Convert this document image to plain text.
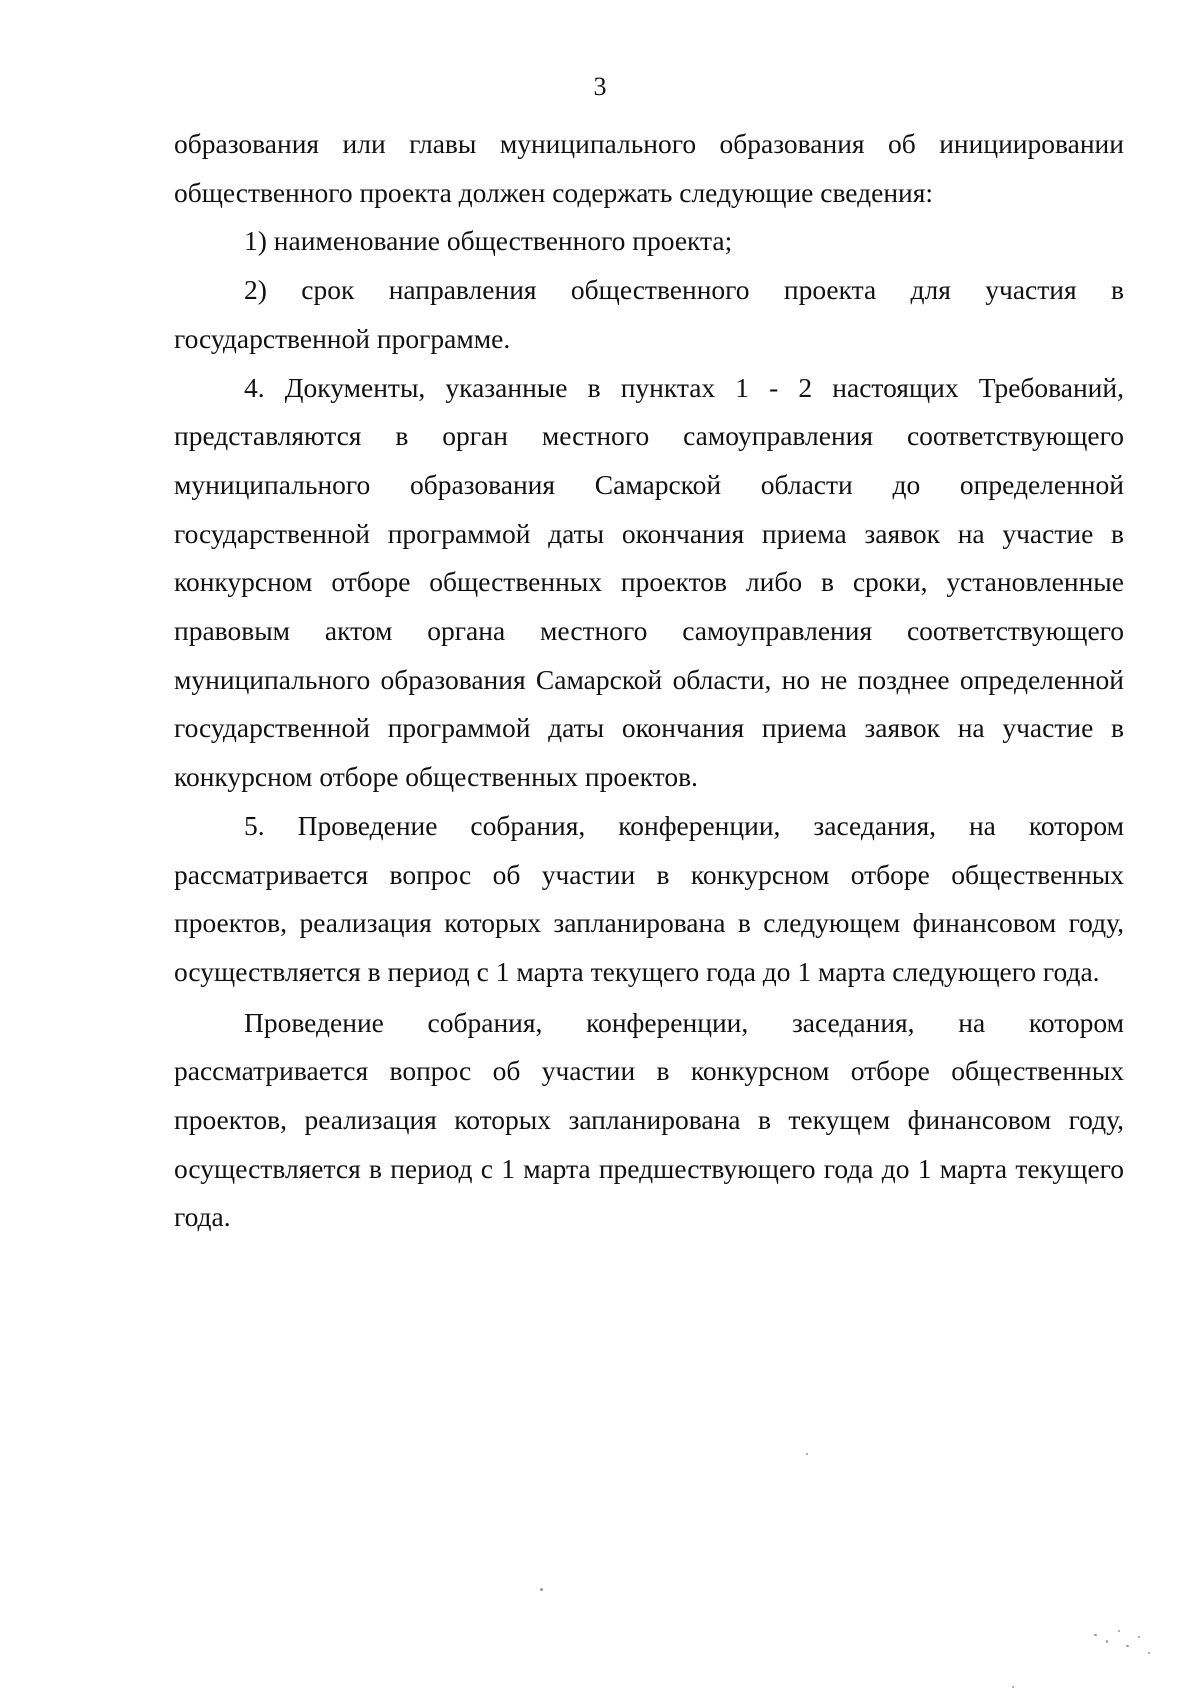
3

образования или главы муниципального образования об инициировании общественного проекта должен содержать следующие сведения:

1) наименование общественного проекта;

2) срок направления общественного проекта для участия в государственной программе.

4. Документы, указанные в пунктах 1 - 2 настоящих Требований, представляются в орган местного самоуправления соответствующего муниципального образования Самарской области до определенной государственной программой даты окончания приема заявок на участие в конкурсном отборе общественных проектов либо в сроки, установленные правовым актом органа местного самоуправления соответствующего муниципального образования Самарской области, но не позднее определенной государственной программой даты окончания приема заявок на участие в конкурсном отборе общественных проектов.

5. Проведение собрания, конференции, заседания, на котором рассматривается вопрос об участии в конкурсном отборе общественных проектов, реализация которых запланирована в следующем финансовом году, осуществляется в период с 1 марта текущего года до 1 марта следующего года.

Проведение собрания, конференции, заседания, на котором рассматривается вопрос об участии в конкурсном отборе общественных проектов, реализация которых запланирована в текущем финансовом году, осуществляется в период с 1 марта предшествующего года до 1 марта текущего года.
